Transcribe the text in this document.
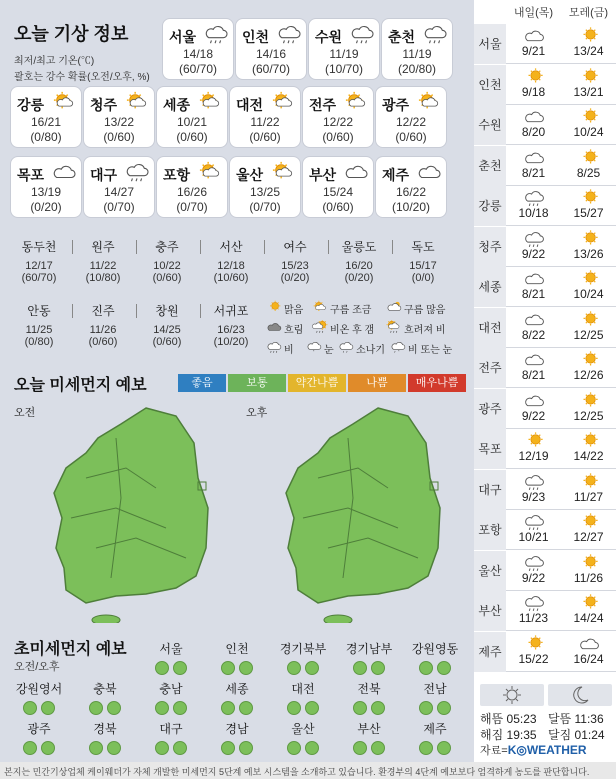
오늘 기상 정보
최저/최고 기온(℃)
괄호는 강수 확률(오전/오후, %)
서울
14/18
(60/70)
인천
14/16
(60/70)
수원
11/19
(10/70)
춘천
11/19
(20/80)
강릉
16/21
(0/80)
청주
13/22
(0/60)
세종
10/21
(0/60)
대전
11/22
(0/60)
전주
12/22
(0/60)
광주
12/22
(0/60)
목포
13/19
(0/20)
대구
14/27
(0/70)
포항
16/26
(0/70)
울산
13/25
(0/70)
부산
15/24
(0/60)
제주
16/22
(10/20)
동두천
12/17
(60/70)
원주
11/22
(10/80)
충주
10/22
(0/60)
서산
12/18
(10/60)
여수
15/23
(0/20)
울릉도
16/20
(0/20)
독도
15/17
(0/0)
안동
11/25
(0/80)
진주
11/26
(0/60)
창원
14/25
(0/60)
서귀포
16/23
(10/20)
맑음	구름 조금	구름 많음
흐림	비온 후 갬	흐려져 비
비	* 눈 소나기 * 비 또는 눈
오늘 미세먼지 예보	좋음	보통	약간나쁨	나쁨	매우나쁨
오전	오후
초미세먼지 예보
오전/오후
서울	인천	경기북부	경기남부	강원영동
강원영서	충북	충남	세종	대전	전북	전남
광주	경북	대구	경남	울산	부산	제주
내일(목)	모레(금)
서울	9/21	13/24
인천	9/18	13/21
수원	8/20	10/24
춘천	8/21	8/25
강릉	10/18	15/27
청주	9/22	13/26
세종	8/21	10/24
대전	8/22	12/25
전주	8/21	12/26
광주	9/22	12/25
목포	12/19	14/22
대구	9/23	11/27
포항	10/21	12/27
울산	9/22	11/26
부산	11/23	14/24
제주	15/22	16/24
해뜸 05:23
해짐 19:35
달뜸 11:36
달짐 01:24
자료=K◎WEATHER
본지는 민간기상업체 케이웨더가 자체 개발한 미세먼지 5단계 예보 시스템을 소개하고 있습니다. 환경부의 4단계 예보보다 엄격하게 농도를 판단합니다.
